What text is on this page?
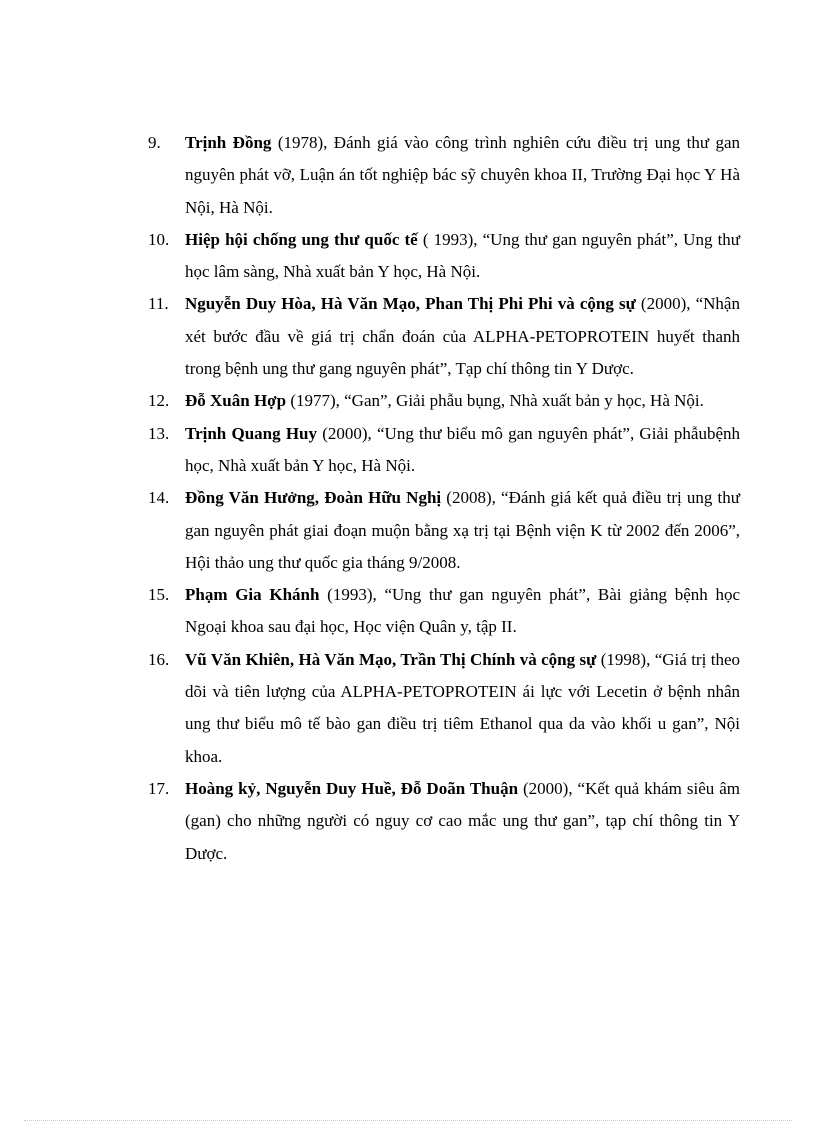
9. Trịnh Đồng (1978), Đánh giá vào công trình nghiên cứu điều trị ung thư gan nguyên phát vỡ, Luận án tốt nghiệp bác sỹ chuyên khoa II, Trường Đại học Y Hà Nội, Hà Nội.
10. Hiệp hội chống ung thư quốc tế ( 1993), “Ung thư gan nguyên phát”, Ung thư học lâm sàng, Nhà xuất bản Y học, Hà Nội.
11. Nguyễn Duy Hòa, Hà Văn Mạo, Phan Thị Phi Phi và cộng sự (2000), “Nhận xét bước đầu về giá trị chẩn đoán của ALPHA-PETOPROTEIN huyết thanh trong bệnh ung thư gang nguyên phát”, Tạp chí thông tin Y Dược.
12. Đỗ Xuân Hợp (1977), “Gan”, Giải phẫu bụng, Nhà xuất bản y học, Hà Nội.
13. Trịnh Quang Huy (2000), “Ung thư biểu mô gan nguyên phát”, Giải phẫubệnh học, Nhà xuất bản Y học, Hà Nội.
14. Đồng Văn Hưởng, Đoàn Hữu Nghị (2008), “Đánh giá kết quả điều trị ung thư gan nguyên phát giai đoạn muộn bằng xạ trị tại Bệnh viện K từ 2002 đến 2006”, Hội thảo ung thư quốc gia tháng 9/2008.
15. Phạm Gia Khánh (1993), “Ung thư gan nguyên phát”, Bài giảng bệnh học Ngoại khoa sau đại học, Học viện Quân y, tập II.
16. Vũ Văn Khiên, Hà Văn Mạo, Trần Thị Chính và cộng sự (1998), “Giá trị theo dõi và tiên lượng của ALPHA-PETOPROTEIN ái lực với Lecetin ở bệnh nhân ung thư biểu mô tế bào gan điều trị tiêm Ethanol qua da vào khối u gan”, Nội khoa.
17. Hoàng kỷ, Nguyễn Duy Huề, Đỗ Doãn Thuận (2000), “Kết quả khám siêu âm (gan) cho những người có nguy cơ cao mắc ung thư gan”, tạp chí thông tin Y Dược.
